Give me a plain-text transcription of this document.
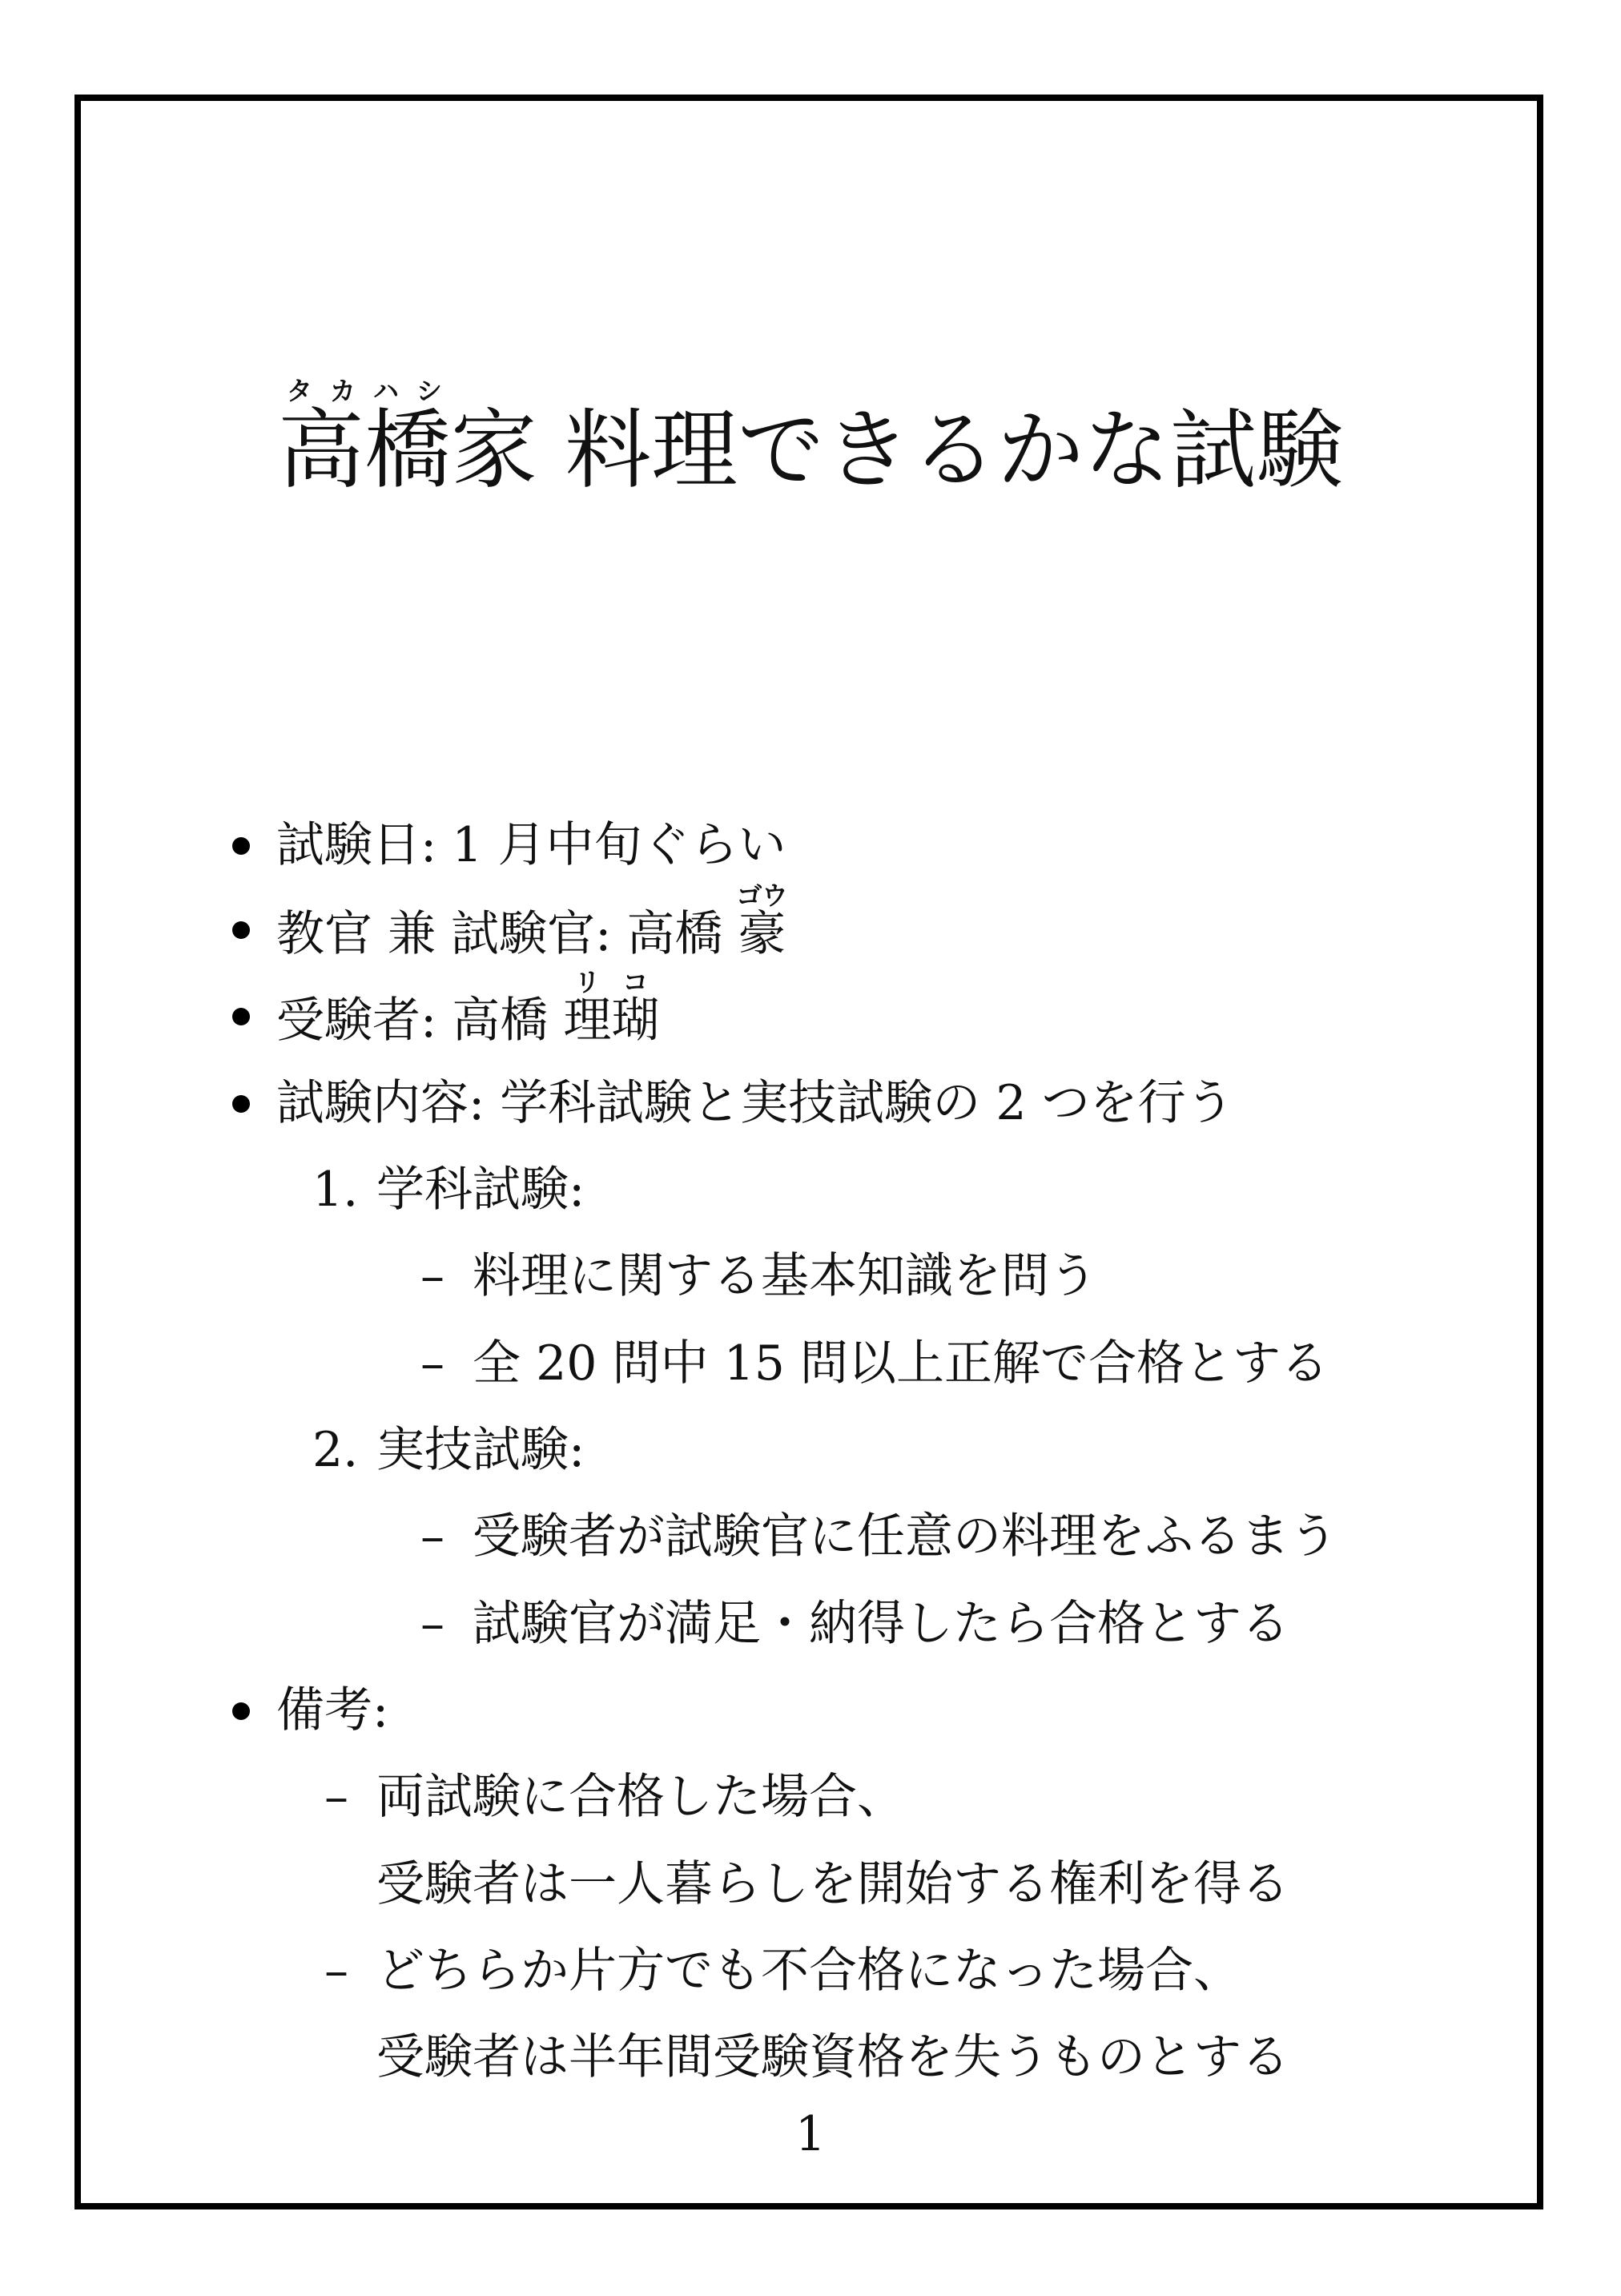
高タカ橋ハシ家 料理できるかな試験
試験日: 1 月中旬ぐらい
教官 兼 試験官: 高橋 豪ゴウ
受験者: 高橋 理リ瑚コ
試験内容: 学科試験と実技試験の 2 つを行う
1. 学科試験:
– 料理に関する基本知識を問う
– 全 20 問中 15 問以上正解で合格とする
2. 実技試験:
– 受験者が試験官に任意の料理をふるまう
– 試験官が満足・納得したら合格とする
備考:
– 両試験に合格した場合、
受験者は一人暮らしを開始する権利を得る
– どちらか片方でも不合格になった場合、
受験者は半年間受験資格を失うものとする
1
